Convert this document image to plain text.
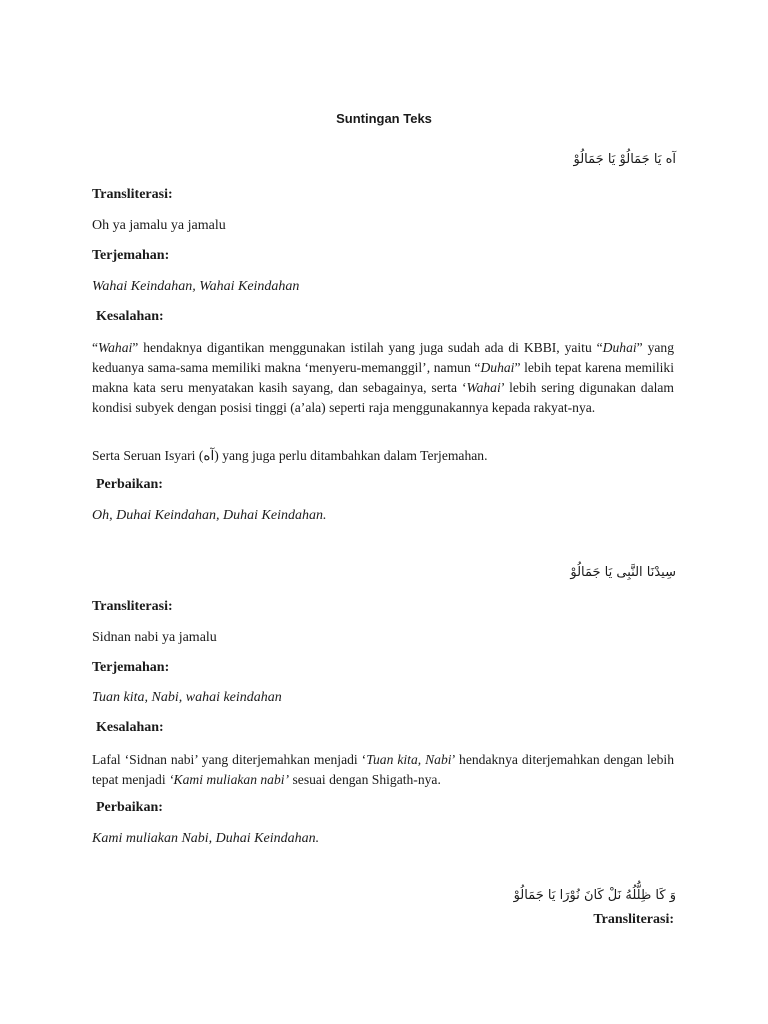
Suntingan Teks
آه يَا جَمَالُوْ يَا جَمَالُوْ
Transliterasi:
Oh ya jamalu ya jamalu
Terjemahan:
Wahai Keindahan, Wahai Keindahan
Kesalahan:
“Wahai” hendaknya digantikan menggunakan istilah yang juga sudah ada di KBBI, yaitu “Duhai” yang keduanya sama-sama memiliki makna ‘menyeru-memanggil’, namun “Duhai” lebih tepat karena memiliki makna kata seru menyatakan kasih sayang, dan sebagainya, serta ‘Wahai’ lebih sering digunakan dalam kondisi subyek dengan posisi tinggi (a’ala) seperti raja menggunakannya kepada rakyat-nya.
Serta Seruan Isyari (آه) yang juga perlu ditambahkan dalam Terjemahan.
Perbaikan:
Oh, Duhai Keindahan, Duhai Keindahan.
سِيدْنَا النَّبِى يَا جَمَالُوْ
Transliterasi:
Sidnan nabi ya jamalu
Terjemahan:
Tuan kita, Nabi, wahai keindahan
Kesalahan:
Lafal ‘Sidnan nabi’ yang diterjemahkan menjadi ‘Tuan kita, Nabi’ hendaknya diterjemahkan dengan lebih tepat menjadi ‘Kami muliakan nabi’ sesuai dengan Shigath-nya.
Perbaikan:
Kami muliakan Nabi, Duhai Keindahan.
وَ كَا ظِلُّلُهُ نَلْ كَانَ نُوْرَا يَا جَمَالُوْ
Transliterasi:
